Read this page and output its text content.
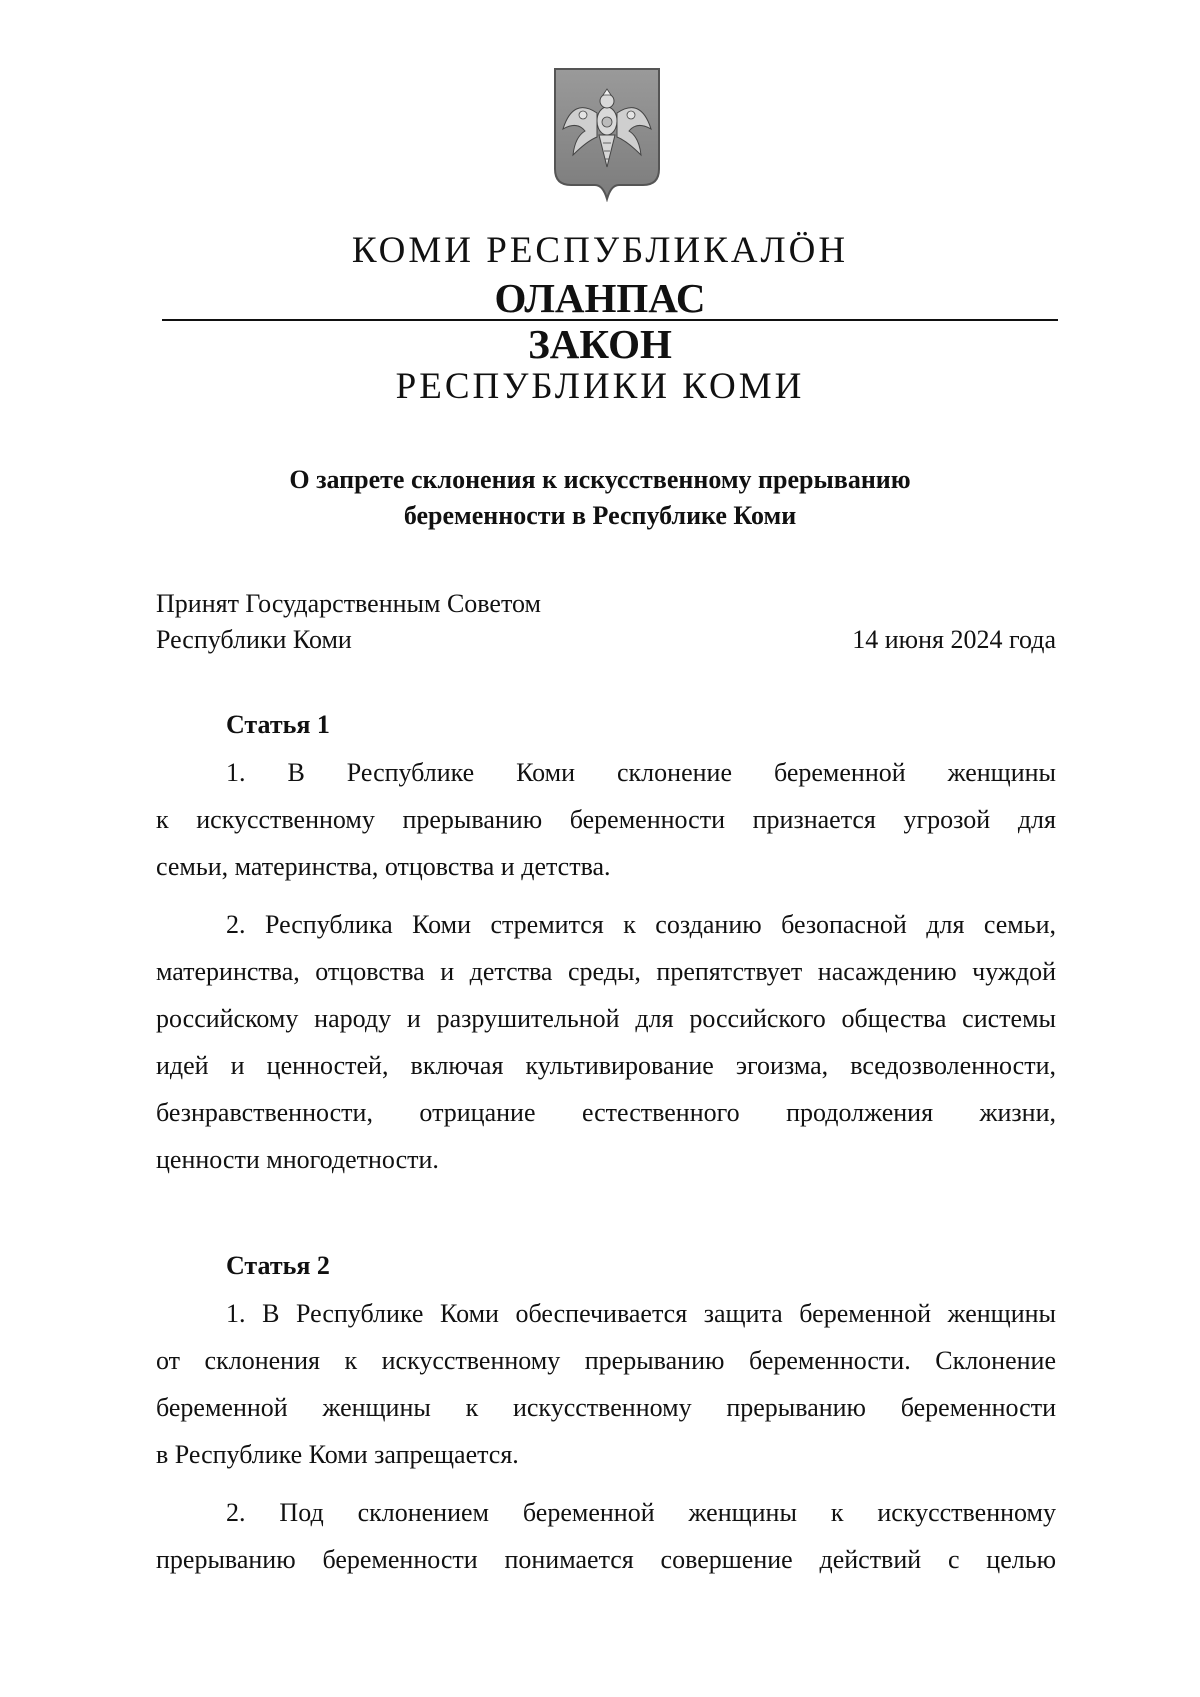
КОМИ РЕСПУБЛИКАЛÖН
ОЛАНПАС
ЗАКОН
РЕСПУБЛИКИ КОМИ
О запрете склонения к искусственному прерыванию
беременности в Республике Коми
Принят Государственным Советом
Республики Коми	14 июня 2024 года
Статья 1

1. В Республике Коми склонение беременной женщины
к искусственному прерыванию беременности признается угрозой для
семьи, материнства, отцовства и детства.

2. Республика Коми стремится к созданию безопасной для семьи,
материнства, отцовства и детства среды, препятствует насаждению чуждой
российскому народу и разрушительной для российского общества системы
идей и ценностей, включая культивирование эгоизма, вседозволенности,
безнравственности, отрицание естественного продолжения жизни,
ценности многодетности.

Статья 2

1. В Республике Коми обеспечивается защита беременной женщины
от склонения к искусственному прерыванию беременности. Склонение
беременной женщины к искусственному прерыванию беременности
в Республике Коми запрещается.

2. Под склонением беременной женщины к искусственному
прерыванию беременности понимается совершение действий с целью
